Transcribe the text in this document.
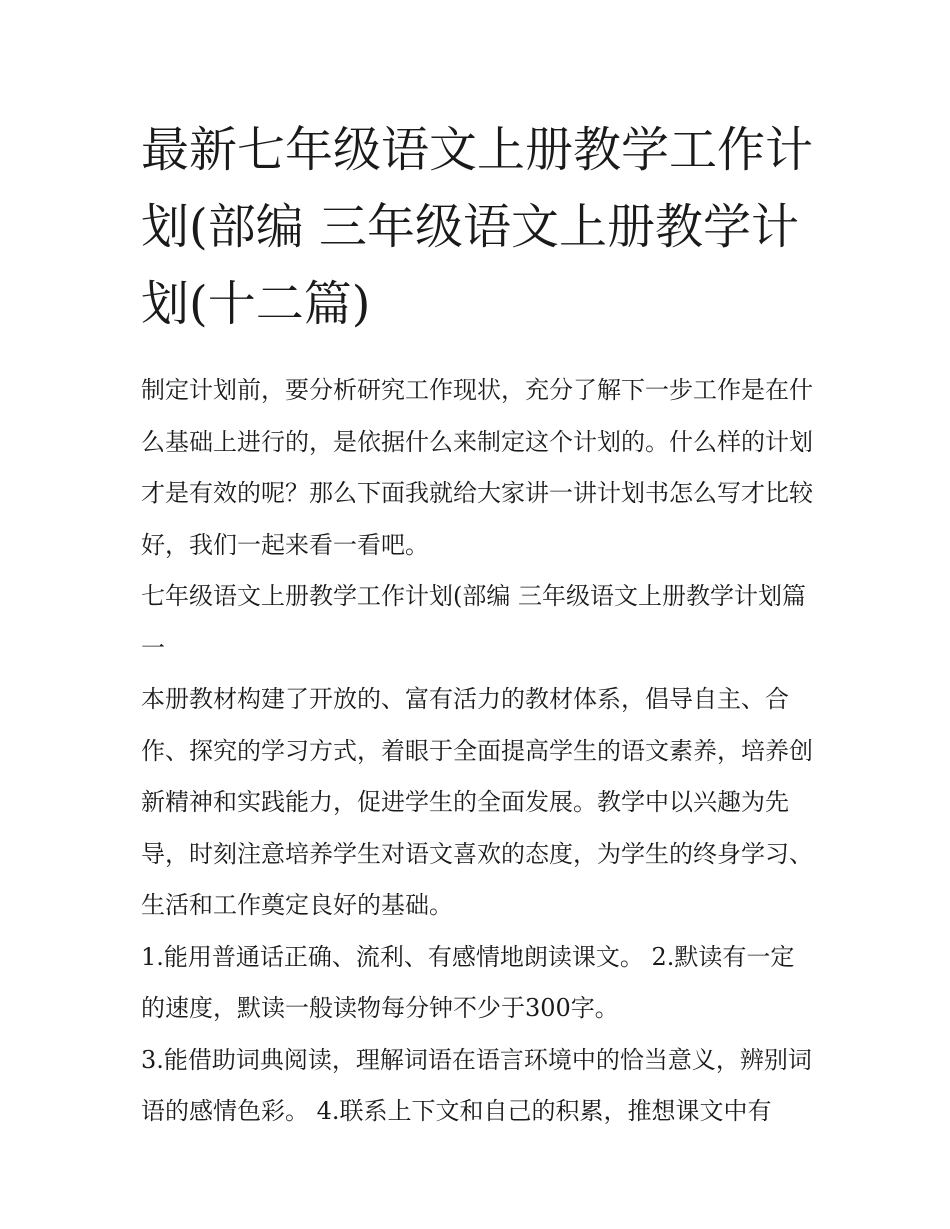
最新七年级语文上册教学工作计划(部编 三年级语文上册教学计划(十二篇)

制定计划前，要分析研究工作现状，充分了解下一步工作是在什么基础上进行的，是依据什么来制定这个计划的。什么样的计划才是有效的呢？那么下面我就给大家讲一讲计划书怎么写才比较好，我们一起来看一看吧。

七年级语文上册教学工作计划(部编 三年级语文上册教学计划篇一

本册教材构建了开放的、富有活力的教材体系，倡导自主、合作、探究的学习方式，着眼于全面提高学生的语文素养，培养创新精神和实践能力，促进学生的全面发展。教学中以兴趣为先导，时刻注意培养学生对语文喜欢的态度，为学生的终身学习、生活和工作奠定良好的基础。

1.能用普通话正确、流利、有感情地朗读课文。 2.默读有一定的速度，默读一般读物每分钟不少于300字。

3.能借助词典阅读，理解词语在语言环境中的恰当意义，辨别词语的感情色彩。 4.联系上下文和自己的积累，推想课文中有
